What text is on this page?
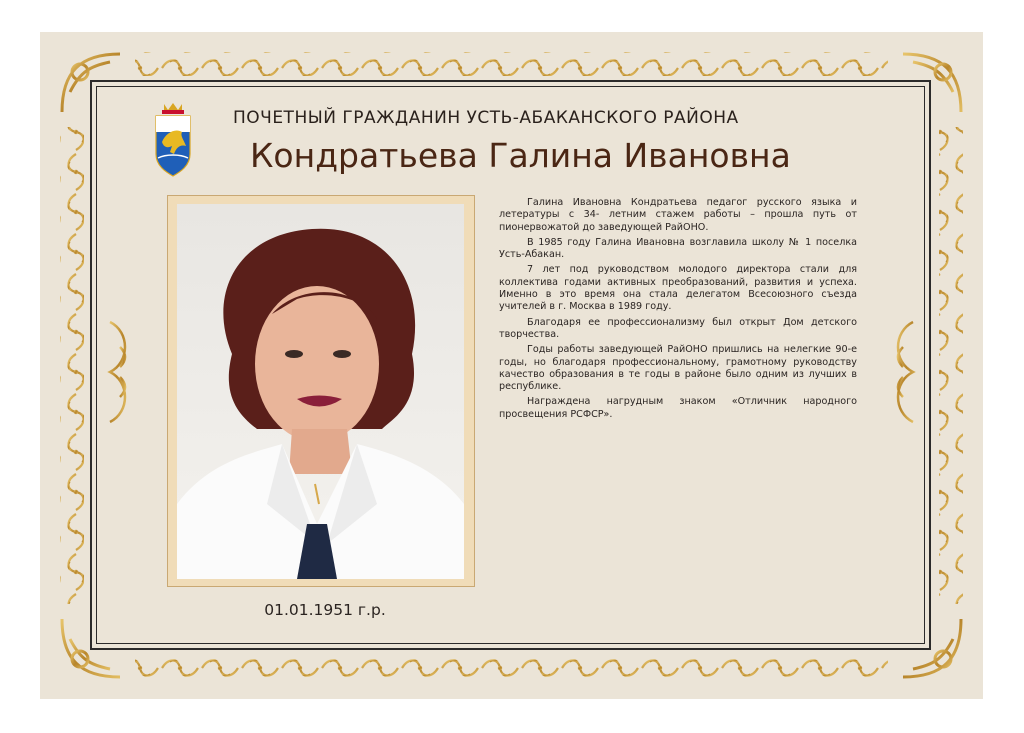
ПОЧЕТНЫЙ ГРАЖДАНИН УСТЬ-АБАКАНСКОГО РАЙОНА
Кондратьева Галина Ивановна
01.01.1951 г.р.

Галина Ивановна Кондратьева педагог русского языка и летературы с 34- летним стажем работы – прошла путь от пионервожатой до заведующей РайОНО.

В 1985 году Галина Ивановна возглавила школу № 1 поселка Усть-Абакан.

7 лет под руководством молодого директора стали для коллектива годами активных преобразований, развития и успеха. Именно в это время она стала делегатом Всесоюзного съезда учителей в г. Москва в 1989 году.

Благодаря ее профессионализму был открыт Дом детского творчества.

Годы работы заведующей РайОНО пришлись на нелегкие 90-е годы, но благодаря профессиональному, грамотному руководству качество образования в те годы в районе было одним из лучших в республике.

Награждена нагрудным знаком «Отличник народного просвещения РСФСР».
